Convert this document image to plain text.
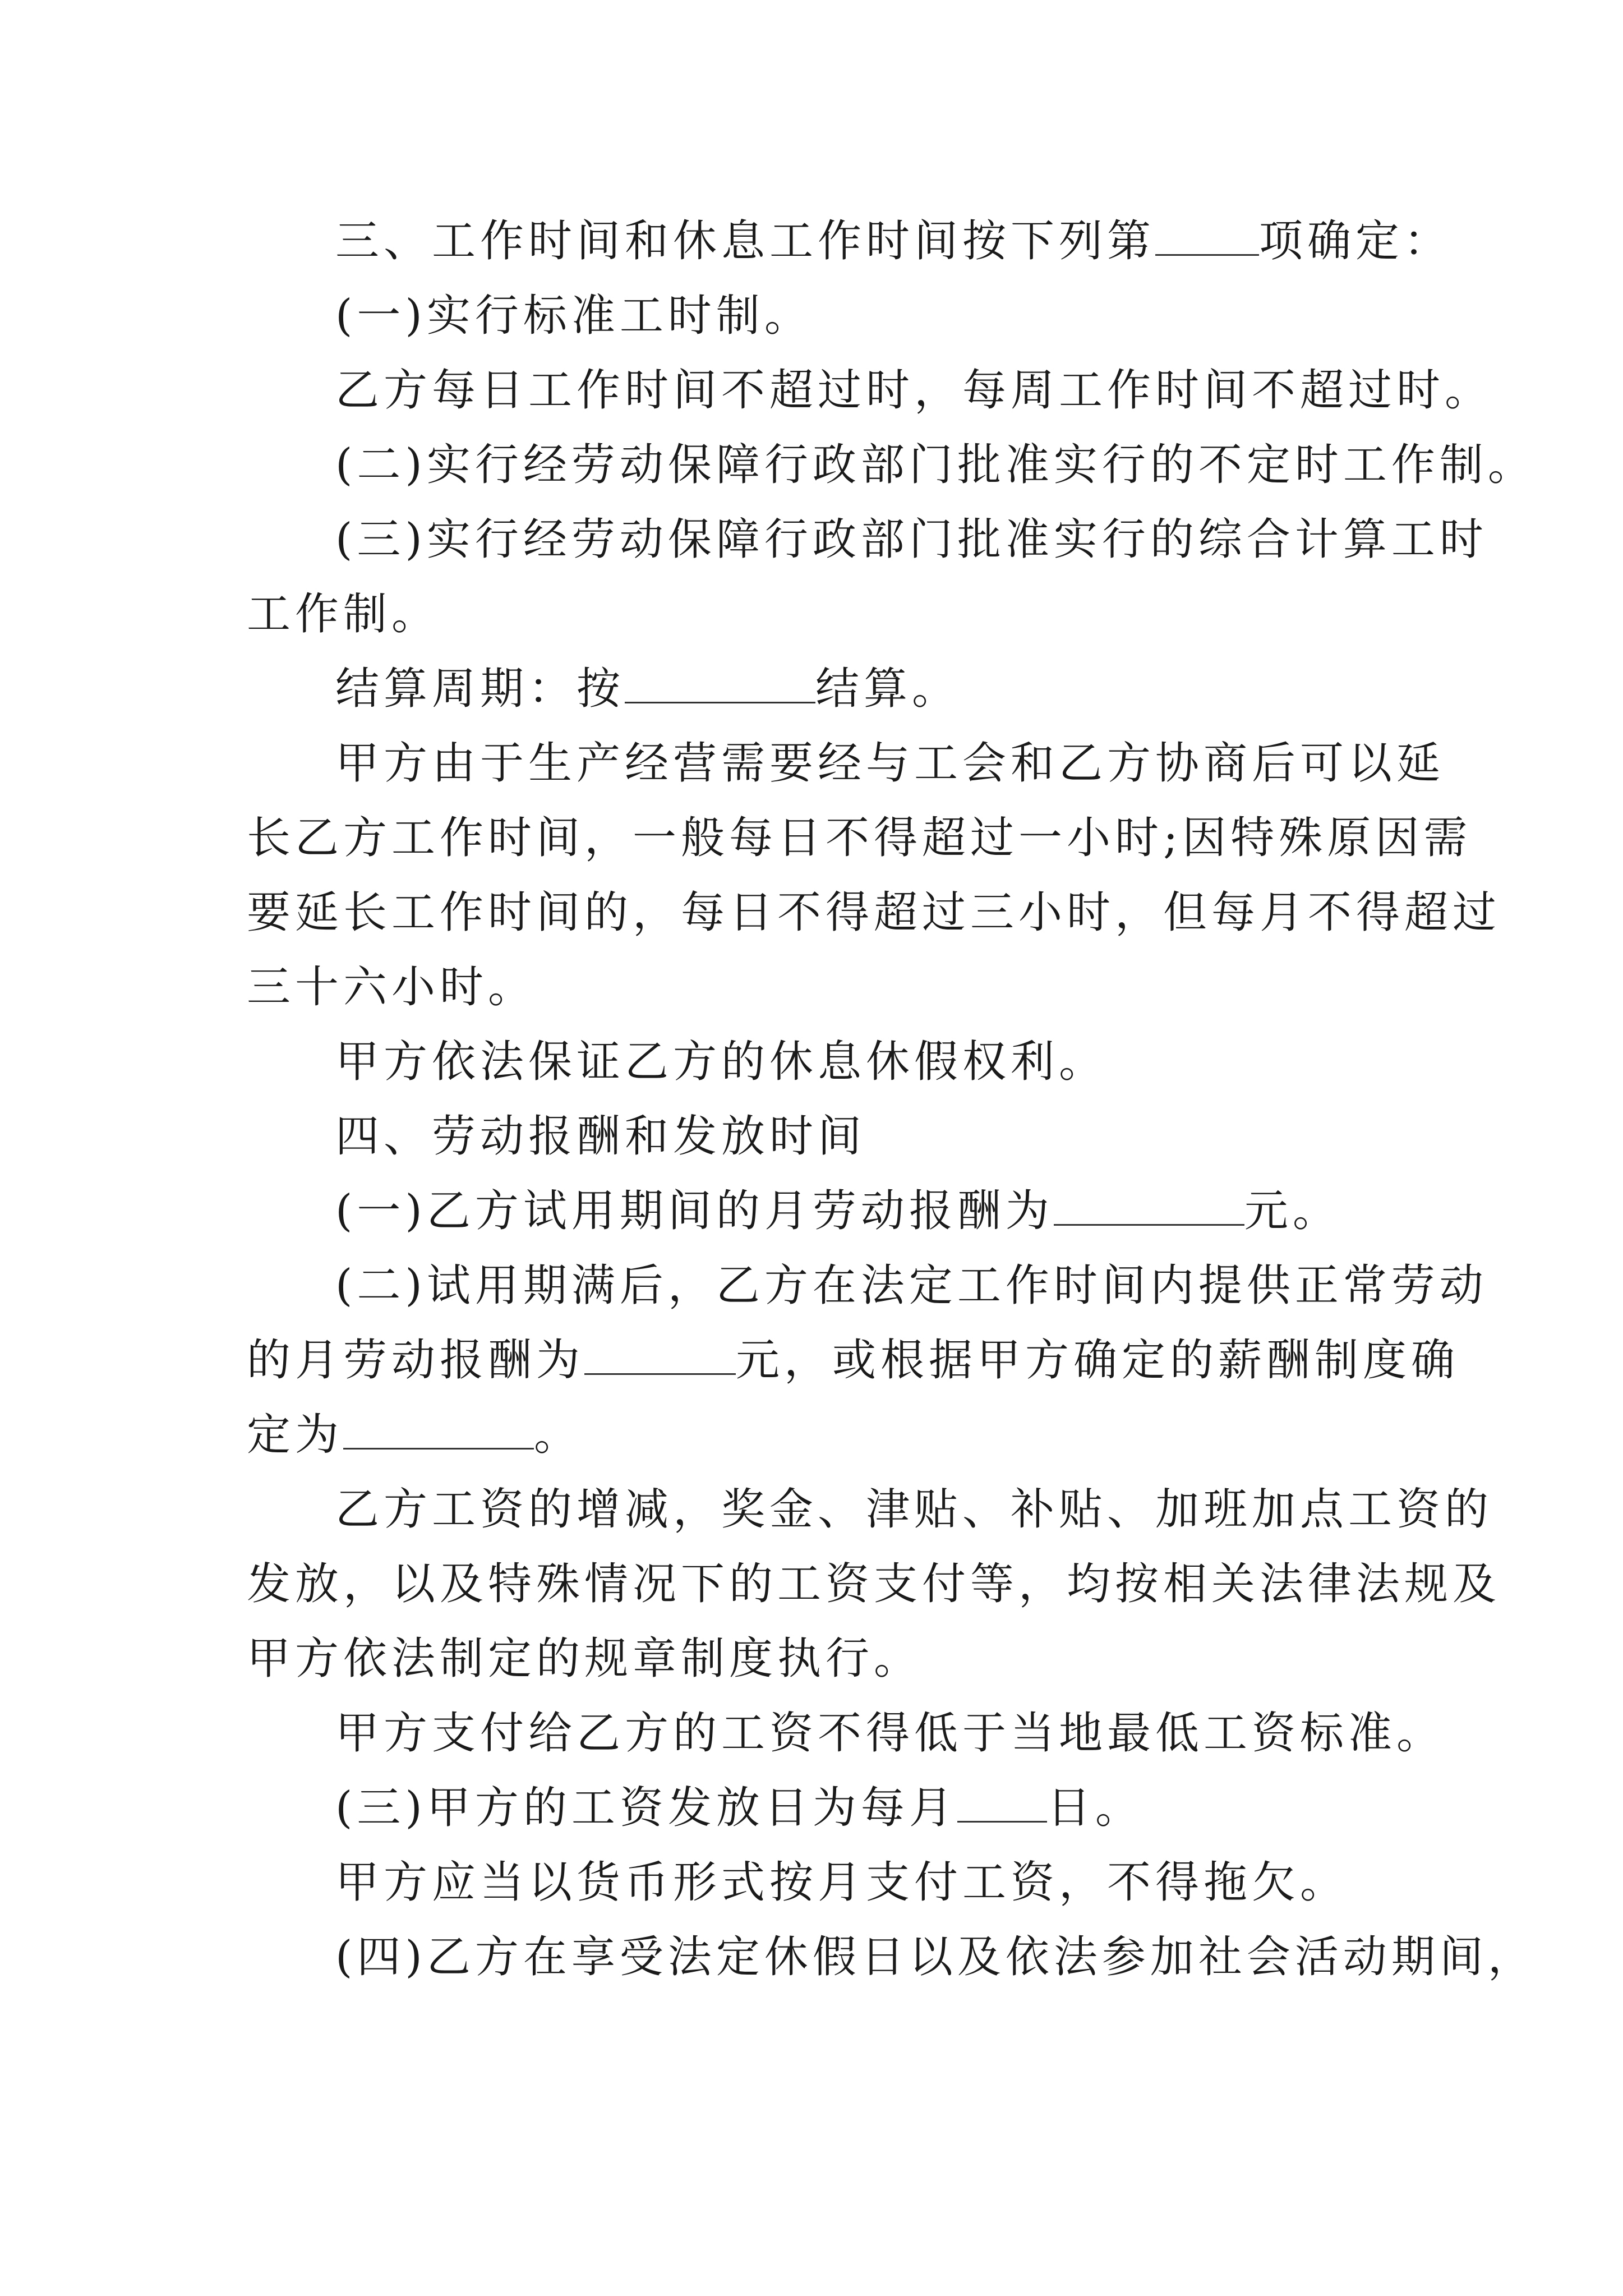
三、工作时间和休息工作时间按下列第 项确定：
(一)实行标准工时制。
乙方每日工作时间不超过时，每周工作时间不超过时。
(二)实行经劳动保障行政部门批准实行的不定时工作制。
(三)实行经劳动保障行政部门批准实行的综合计算工时
工作制。
结算周期：按	结算。
甲方由于生产经营需要经与工会和乙方协商后可以延
长乙方工作时间，一般每日不得超过一小时;因特殊原因需
要延长工作时间的，每日不得超过三小时，但每月不得超过
三十六小时。
甲方依法保证乙方的休息休假权利。
四、劳动报酬和发放时间
(一)乙方试用期间的月劳动报酬为	元。
(二)试用期满后，乙方在法定工作时间内提供正常劳动
的月劳动报酬为	元，或根据甲方确定的薪酬制度确
定为	。
乙方工资的增减，奖金、津贴、补贴、加班加点工资的
发放，以及特殊情况下的工资支付等，均按相关法律法规及
甲方依法制定的规章制度执行。
甲方支付给乙方的工资不得低于当地最低工资标准。
(三)甲方的工资发放日为每月 日。
甲方应当以货币形式按月支付工资，不得拖欠。
(四)乙方在享受法定休假日以及依法参加社会活动期间，
